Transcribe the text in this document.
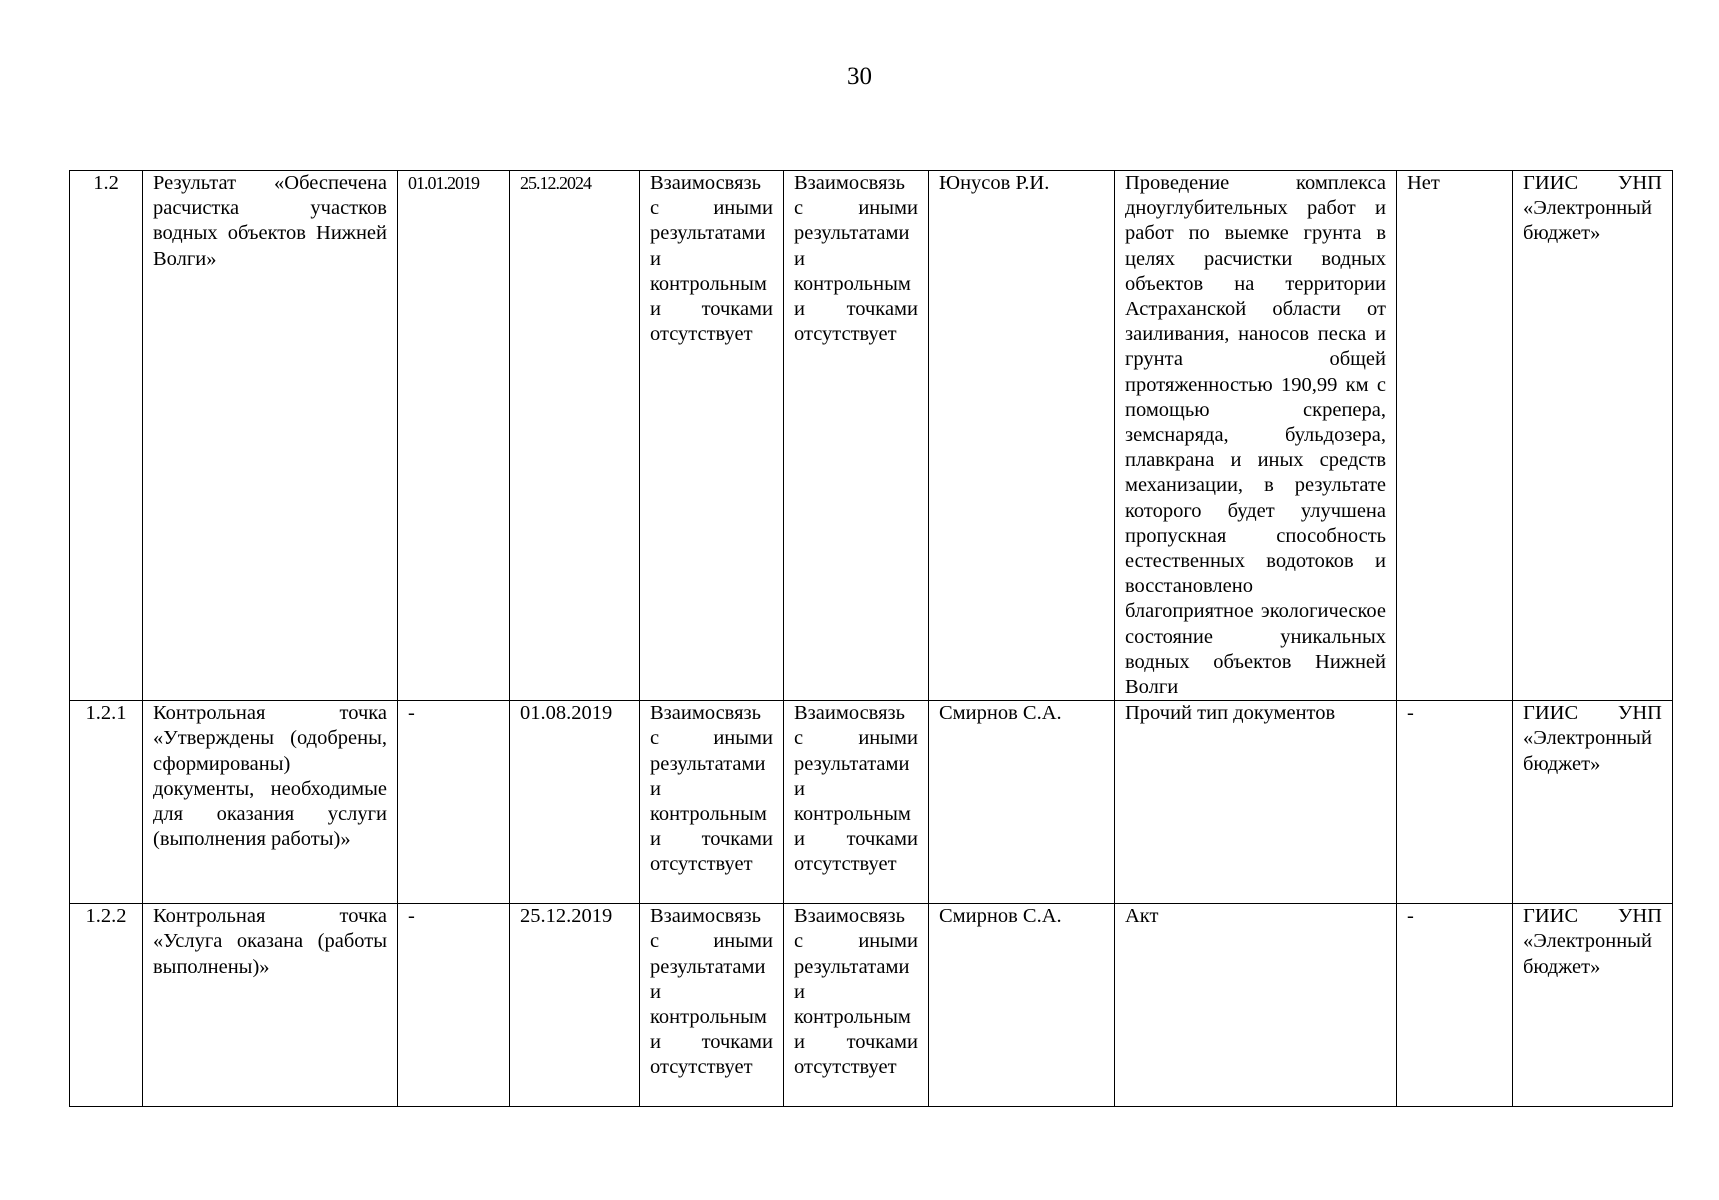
30
1.2	Результат «Обеспечена расчистка участков водных объектов Нижней Волги»	01.01.2019	25.12.2024	Взаимосвязь с иными результатами и контрольными точками отсутствует	Взаимосвязь с иными результатами и контрольными точками отсутствует	Юнусов Р.И.	Проведение комплекса дноуглубительных работ и работ по выемке грунта в целях расчистки водных объектов на территории Астраханской области от заиливания, наносов песка и грунта общей протяженностью 190,99 км с помощью скрепера, земснаряда, бульдозера, плавкрана и иных средств механизации, в результате которого будет улучшена пропускная способность естественных водотоков и восстановлено благоприятное экологическое состояние уникальных водных объектов Нижней Волги	Нет	ГИИС УНП «Электронный бюджет»
1.2.1	Контрольная точка «Утверждены (одобрены, сформированы) документы, необходимые для оказания услуги (выполнения работы)»	-	01.08.2019	Взаимосвязь с иными результатами и контрольными точками отсутствует	Взаимосвязь с иными результатами и контрольными точками отсутствует	Смирнов С.А.	Прочий тип документов	-	ГИИС УНП «Электронный бюджет»
1.2.2	Контрольная точка «Услуга оказана (работы выполнены)»	-	25.12.2019	Взаимосвязь с иными результатами и контрольными точками отсутствует	Взаимосвязь с иными результатами и контрольными точками отсутствует	Смирнов С.А.	Акт	-	ГИИС УНП «Электронный бюджет»
